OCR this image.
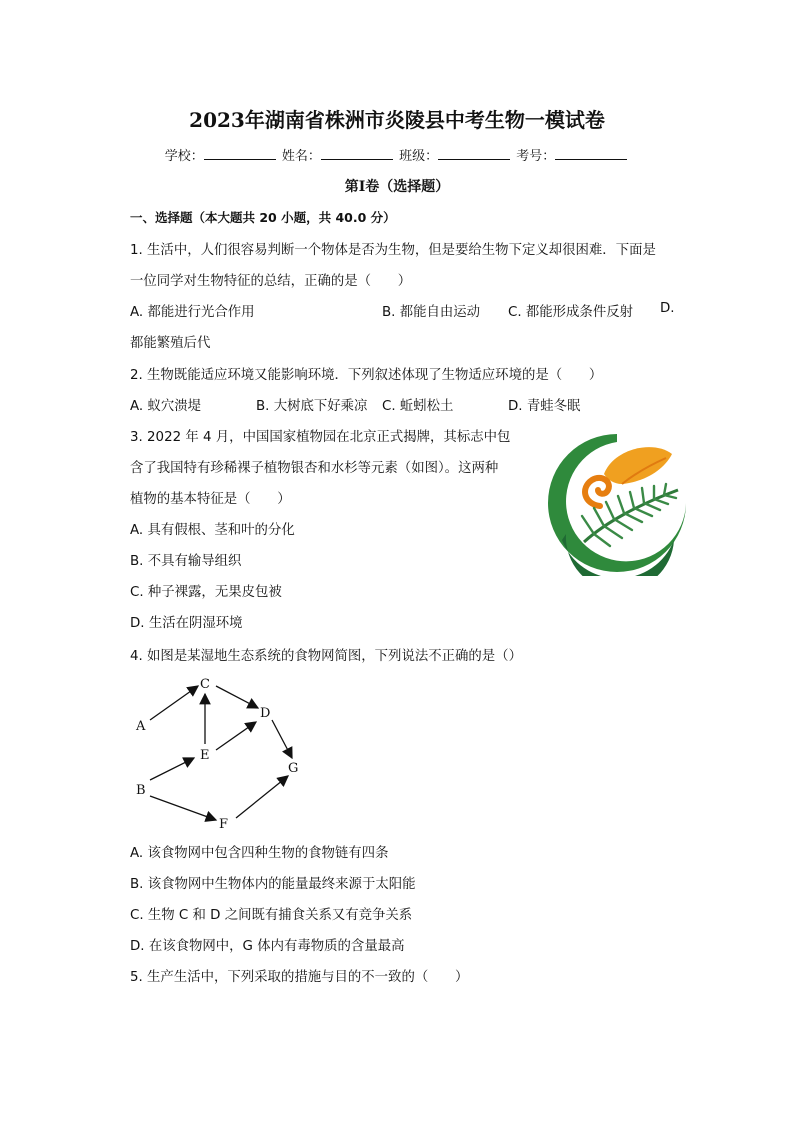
2023年湖南省株洲市炎陵县中考生物一模试卷
学校：	姓名：	班级：	考号：
第Ⅰ卷（选择题）
一、选择题（本大题共 20 小题，共 40.0 分）
1. 生活中，人们很容易判断一个物体是否为生物，但是要给生物下定义却很困难．下面是
一位同学对生物特征的总结，正确的是（　　）
A. 都能进行光合作用	B. 都能自由运动 C. 都能形成条件反射 D.
都能繁殖后代
2. 生物既能适应环境又能影响环境．下列叙述体现了生物适应环境的是（　　）
A. 蚁穴溃堤	B. 大树底下好乘凉 C. 蚯蚓松土	D. 青蛙冬眠
3. 2022 年 4 月，中国国家植物园在北京正式揭牌，其标志中包
含了我国特有珍稀裸子植物银杏和水杉等元素（如图）。这两种
植物的基本特征是（　　）
A. 具有假根、茎和叶的分化
B. 不具有输导组织
C. 种子裸露，无果皮包被
D. 生活在阴湿环境
4. 如图是某湿地生态系统的食物网简图，下列说法不正确的是（）
A
B
C
D
E
F
G
A. 该食物网中包含四种生物的食物链有四条
B. 该食物网中生物体内的能量最终来源于太阳能
C. 生物 C 和 D 之间既有捕食关系又有竞争关系
D. 在该食物网中，G 体内有毒物质的含量最高
5. 生产生活中，下列采取的措施与目的不一致的（　　）
